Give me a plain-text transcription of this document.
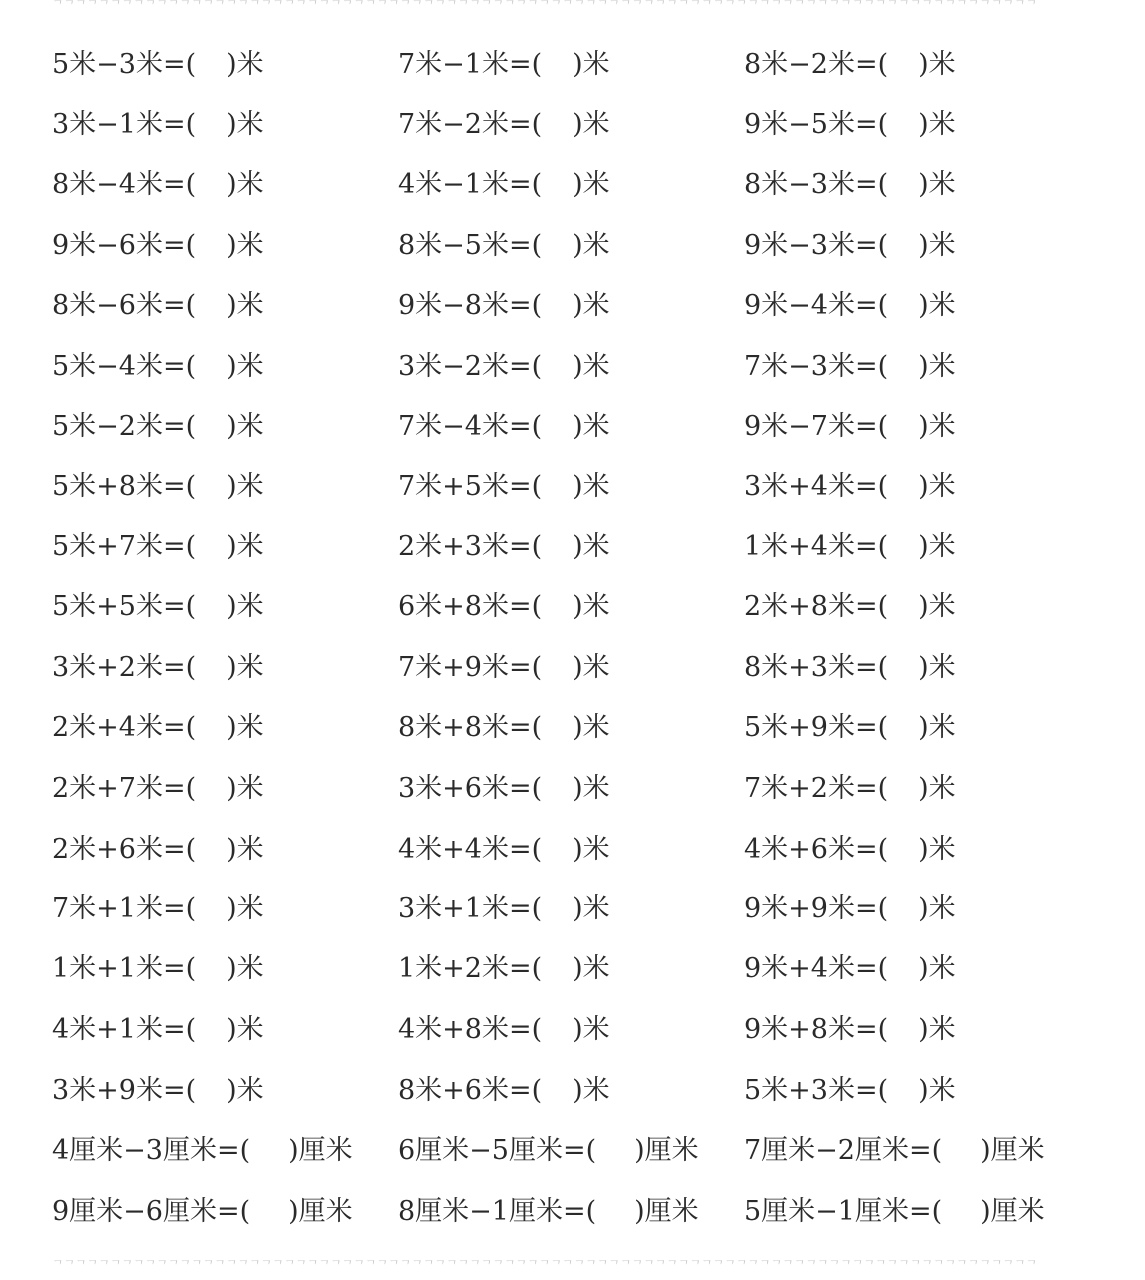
ᄀᄀᄀᄀᄀᄀᄀᄀᄀᄀᄀᄀᄀᄀᄀᄀᄀᄀᄀᄀᄀᄀᄀᄀᄀᄀᄀᄀᄀᄀᄀᄀᄀᄀᄀᄀᄀᄀᄀᄀᄀᄀᄀᄀᄀᄀᄀᄀᄀᄀᄀᄀᄀᄀᄀᄀᄀᄀᄀᄀᄀᄀᄀᄀᄀᄀᄀᄀᄀᄀᄀᄀᄀᄀᄀᄀᄀᄀᄀᄀᄀᄀᄀᄀᄀ
5米−3米=( )米	7米−1米=( )米	8米−2米=( )米
3米−1米=( )米	7米−2米=( )米	9米−5米=( )米
8米−4米=( )米	4米−1米=( )米	8米−3米=( )米
9米−6米=( )米	8米−5米=( )米	9米−3米=( )米
8米−6米=( )米	9米−8米=( )米	9米−4米=( )米
5米−4米=( )米	3米−2米=( )米	7米−3米=( )米
5米−2米=( )米	7米−4米=( )米	9米−7米=( )米
5米+8米=( )米	7米+5米=( )米	3米+4米=( )米
5米+7米=( )米	2米+3米=( )米	1米+4米=( )米
5米+5米=( )米	6米+8米=( )米	2米+8米=( )米
3米+2米=( )米	7米+9米=( )米	8米+3米=( )米
2米+4米=( )米	8米+8米=( )米	5米+9米=( )米
2米+7米=( )米	3米+6米=( )米	7米+2米=( )米
2米+6米=( )米	4米+4米=( )米	4米+6米=( )米
7米+1米=( )米	3米+1米=( )米	9米+9米=( )米
1米+1米=( )米	1米+2米=( )米	9米+4米=( )米
4米+1米=( )米	4米+8米=( )米	9米+8米=( )米
3米+9米=( )米	8米+6米=( )米	5米+3米=( )米
4厘米−3厘米=( )厘米 6厘米−5厘米=( )厘米 7厘米−2厘米=( )厘米
9厘米−6厘米=( )厘米 8厘米−1厘米=( )厘米 5厘米−1厘米=( )厘米
ᄀᄀᄀᄀᄀᄀᄀᄀᄀᄀᄀᄀᄀᄀᄀᄀᄀᄀᄀᄀᄀᄀᄀᄀᄀᄀᄀᄀᄀᄀᄀᄀᄀᄀᄀᄀᄀᄀᄀᄀᄀᄀᄀᄀᄀᄀᄀᄀᄀᄀᄀᄀᄀᄀᄀᄀᄀᄀᄀᄀᄀᄀᄀᄀᄀᄀᄀᄀᄀᄀᄀᄀᄀᄀᄀᄀᄀᄀᄀᄀᄀᄀᄀᄀᄀ
